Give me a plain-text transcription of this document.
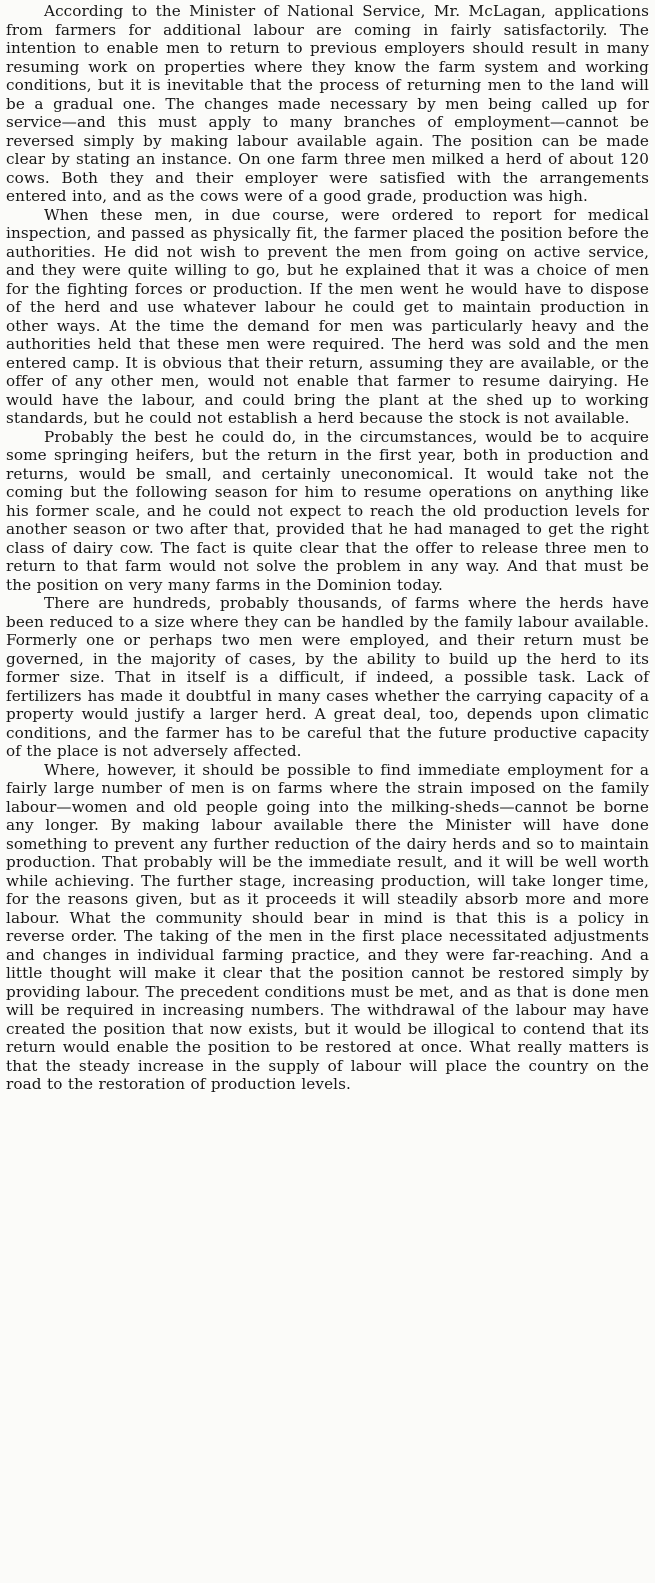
According to the Minister of National Service, Mr. McLagan, applications from farmers for additional labour are coming in fairly satisfactorily. The intention to enable men to return to previous employers should result in many resuming work on properties where they know the farm system and working conditions, but it is inevitable that the process of returning men to the land will be a gradual one. The changes made necessary by men being called up for service—and this must apply to many branches of employment—cannot be reversed simply by making labour available again. The position can be made clear by stating an instance. On one farm three men milked a herd of about 120 cows. Both they and their employer were satisfied with the arrangements entered into, and as the cows were of a good grade, production was high.

When these men, in due course, were ordered to report for medical inspection, and passed as physically fit, the farmer placed the position before the authorities. He did not wish to prevent the men from going on active service, and they were quite willing to go, but he explained that it was a choice of men for the fighting forces or production. If the men went he would have to dispose of the herd and use whatever labour he could get to maintain production in other ways. At the time the demand for men was particularly heavy and the authorities held that these men were required. The herd was sold and the men entered camp. It is obvious that their return, assuming they are available, or the offer of any other men, would not enable that farmer to resume dairying. He would have the labour, and could bring the plant at the shed up to working standards, but he could not establish a herd because the stock is not available.

Probably the best he could do, in the circumstances, would be to acquire some springing heifers, but the return in the first year, both in production and returns, would be small, and certainly uneconomical. It would take not the coming but the following season for him to resume operations on anything like his former scale, and he could not expect to reach the old production levels for another season or two after that, provided that he had managed to get the right class of dairy cow. The fact is quite clear that the offer to release three men to return to that farm would not solve the problem in any way. And that must be the position on very many farms in the Dominion today.

There are hundreds, probably thousands, of farms where the herds have been reduced to a size where they can be handled by the family labour available. Formerly one or perhaps two men were employed, and their return must be governed, in the majority of cases, by the ability to build up the herd to its former size. That in itself is a difficult, if indeed, a possible task. Lack of fertilizers has made it doubtful in many cases whether the carrying capacity of a property would justify a larger herd. A great deal, too, depends upon climatic conditions, and the farmer has to be careful that the future productive capacity of the place is not adversely affected.

Where, however, it should be possible to find immediate employment for a fairly large number of men is on farms where the strain imposed on the family labour—women and old people going into the milking-sheds—cannot be borne any longer. By making labour available there the Minister will have done something to prevent any further reduction of the dairy herds and so to maintain production. That probably will be the immediate result, and it will be well worth while achieving. The further stage, increasing production, will take longer time, for the reasons given, but as it proceeds it will steadily absorb more and more labour. What the community should bear in mind is that this is a policy in reverse order. The taking of the men in the first place necessitated adjustments and changes in individual farming practice, and they were far-reaching. And a little thought will make it clear that the position cannot be restored simply by providing labour. The precedent conditions must be met, and as that is done men will be required in increasing numbers. The withdrawal of the labour may have created the position that now exists, but it would be illogical to contend that its return would enable the position to be restored at once. What really matters is that the steady increase in the supply of labour will place the country on the road to the restoration of production levels.
